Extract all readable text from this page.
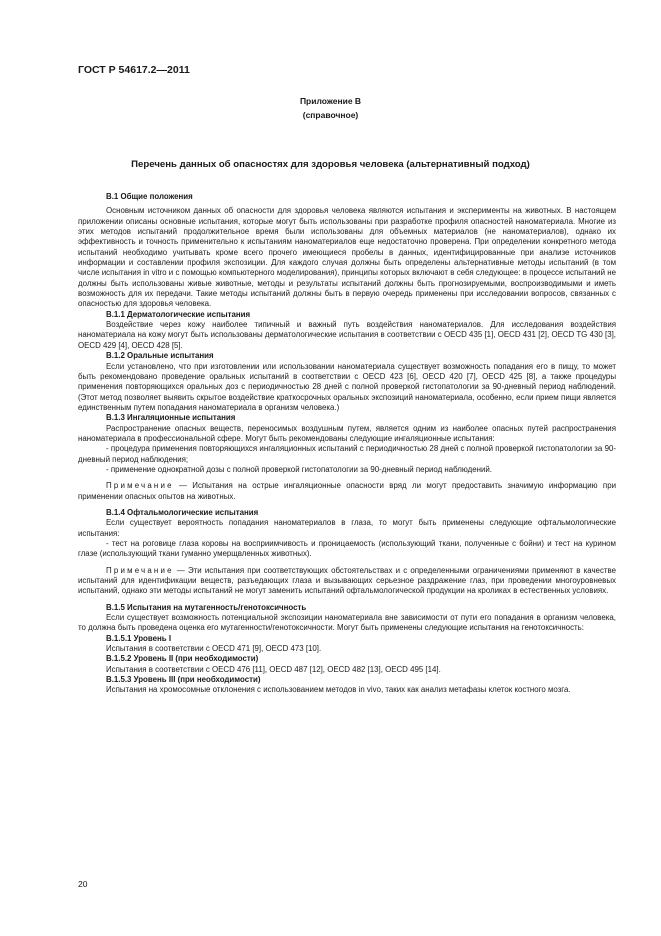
ГОСТ Р 54617.2—2011
Приложение В
(справочное)
Перечень данных об опасностях для здоровья человека (альтернативный подход)

В.1 Общие положения

Основным источником данных об опасности для здоровья человека являются испытания и эксперименты на животных. В настоящем приложении описаны основные испытания, которые могут быть использованы при разработке профиля опасностей наноматериала. Многие из этих методов испытаний продолжительное время были использованы для объемных материалов (не наноматериалов), однако их эффективность и точность применительно к испытаниям наноматериалов еще недостаточно проверена. При определении конкретного метода испытаний необходимо учитывать кроме всего прочего имеющиеся пробелы в данных, идентифицированные при анализе источников информации и составлении профиля экспозиции. Для каждого случая должны быть определены альтернативные методы испытаний (в том числе испытания in vitro и с помощью компьютерного моделирования), принципы которых включают в себя следующее: в процессе испытаний не должны быть использованы живые животные, методы и результаты испытаний должны быть прогнозируемыми, воспроизводимыми и иметь возможность для их передачи. Такие методы испытаний должны быть в первую очередь применены при исследовании вопросов, связанных с опасностью для здоровья человека.

В.1.1 Дерматологические испытания

Воздействие через кожу наиболее типичный и важный путь воздействия наноматериалов. Для исследования воздействия наноматериала на кожу могут быть использованы дерматологические испытания в соответствии с OECD 435 [1], OECD 431 [2], OECD TG 430 [3], OECD 429 [4], OECD 428 [5].

В.1.2 Оральные испытания

Если установлено, что при изготовлении или использовании наноматериала существует возможность попадания его в пищу, то может быть рекомендовано проведение оральных испытаний в соответствии с OECD 423 [6], OECD 420 [7], OECD 425 [8], а также процедуры применения повторяющихся оральных доз с периодичностью 28 дней с полной проверкой гистопатологии за 90-дневный период наблюдений. (Этот метод позволяет выявить скрытое воздействие краткосрочных оральных экспозиций наноматериала, особенно, если прием пищи является единственным путем попадания наноматериала в организм человека.)

В.1.3 Ингаляционные испытания

Распространение опасных веществ, переносимых воздушным путем, является одним из наиболее опасных путей распространения наноматериала в профессиональной сфере. Могут быть рекомендованы следующие ингаляционные испытания:

- процедура применения повторяющихся ингаляционных испытаний с периодичностью 28 дней с полной проверкой гистопатологии за 90-дневный период наблюдения;

- применение однократной дозы с полной проверкой гистопатологии за 90-дневный период наблюдений.

Примечание — Испытания на острые ингаляционные опасности вряд ли могут предоставить значимую информацию при применении опасных опытов на животных.

В.1.4 Офтальмологические испытания

Если существует вероятность попадания наноматериалов в глаза, то могут быть применены следующие офтальмологические испытания:

- тест на роговице глаза коровы на восприимчивость и проницаемость (использующий ткани, полученные с бойни) и тест на курином глазе (использующий ткани гуманно умерщвленных животных).

Примечание — Эти испытания при соответствующих обстоятельствах и с определенными ограничениями применяют в качестве испытаний для идентификации веществ, разъедающих глаза и вызывающих серьезное раздражение глаз, при проведении многоуровневых испытаний, однако эти методы испытаний не могут заменить испытаний офтальмологической продукции на кроликах в естественных условиях.

В.1.5 Испытания на мутагенность/генотоксичность

Если существует возможность потенциальной экспозиции наноматериала вне зависимости от пути его попадания в организм человека, то должна быть проведена оценка его мутагенности/генотоксичности. Могут быть применены следующие испытания на генотоксичность:

В.1.5.1 Уровень I

Испытания в соответствии с OECD 471 [9], OECD 473 [10].

В.1.5.2 Уровень II (при необходимости)

Испытания в соответствии с OECD 476 [11], OECD 487 [12], OECD 482 [13], OECD 495 [14].

В.1.5.3 Уровень III (при необходимости)

Испытания на хромосомные отклонения с использованием методов in vivo, таких как анализ метафазы клеток костного мозга.

20
